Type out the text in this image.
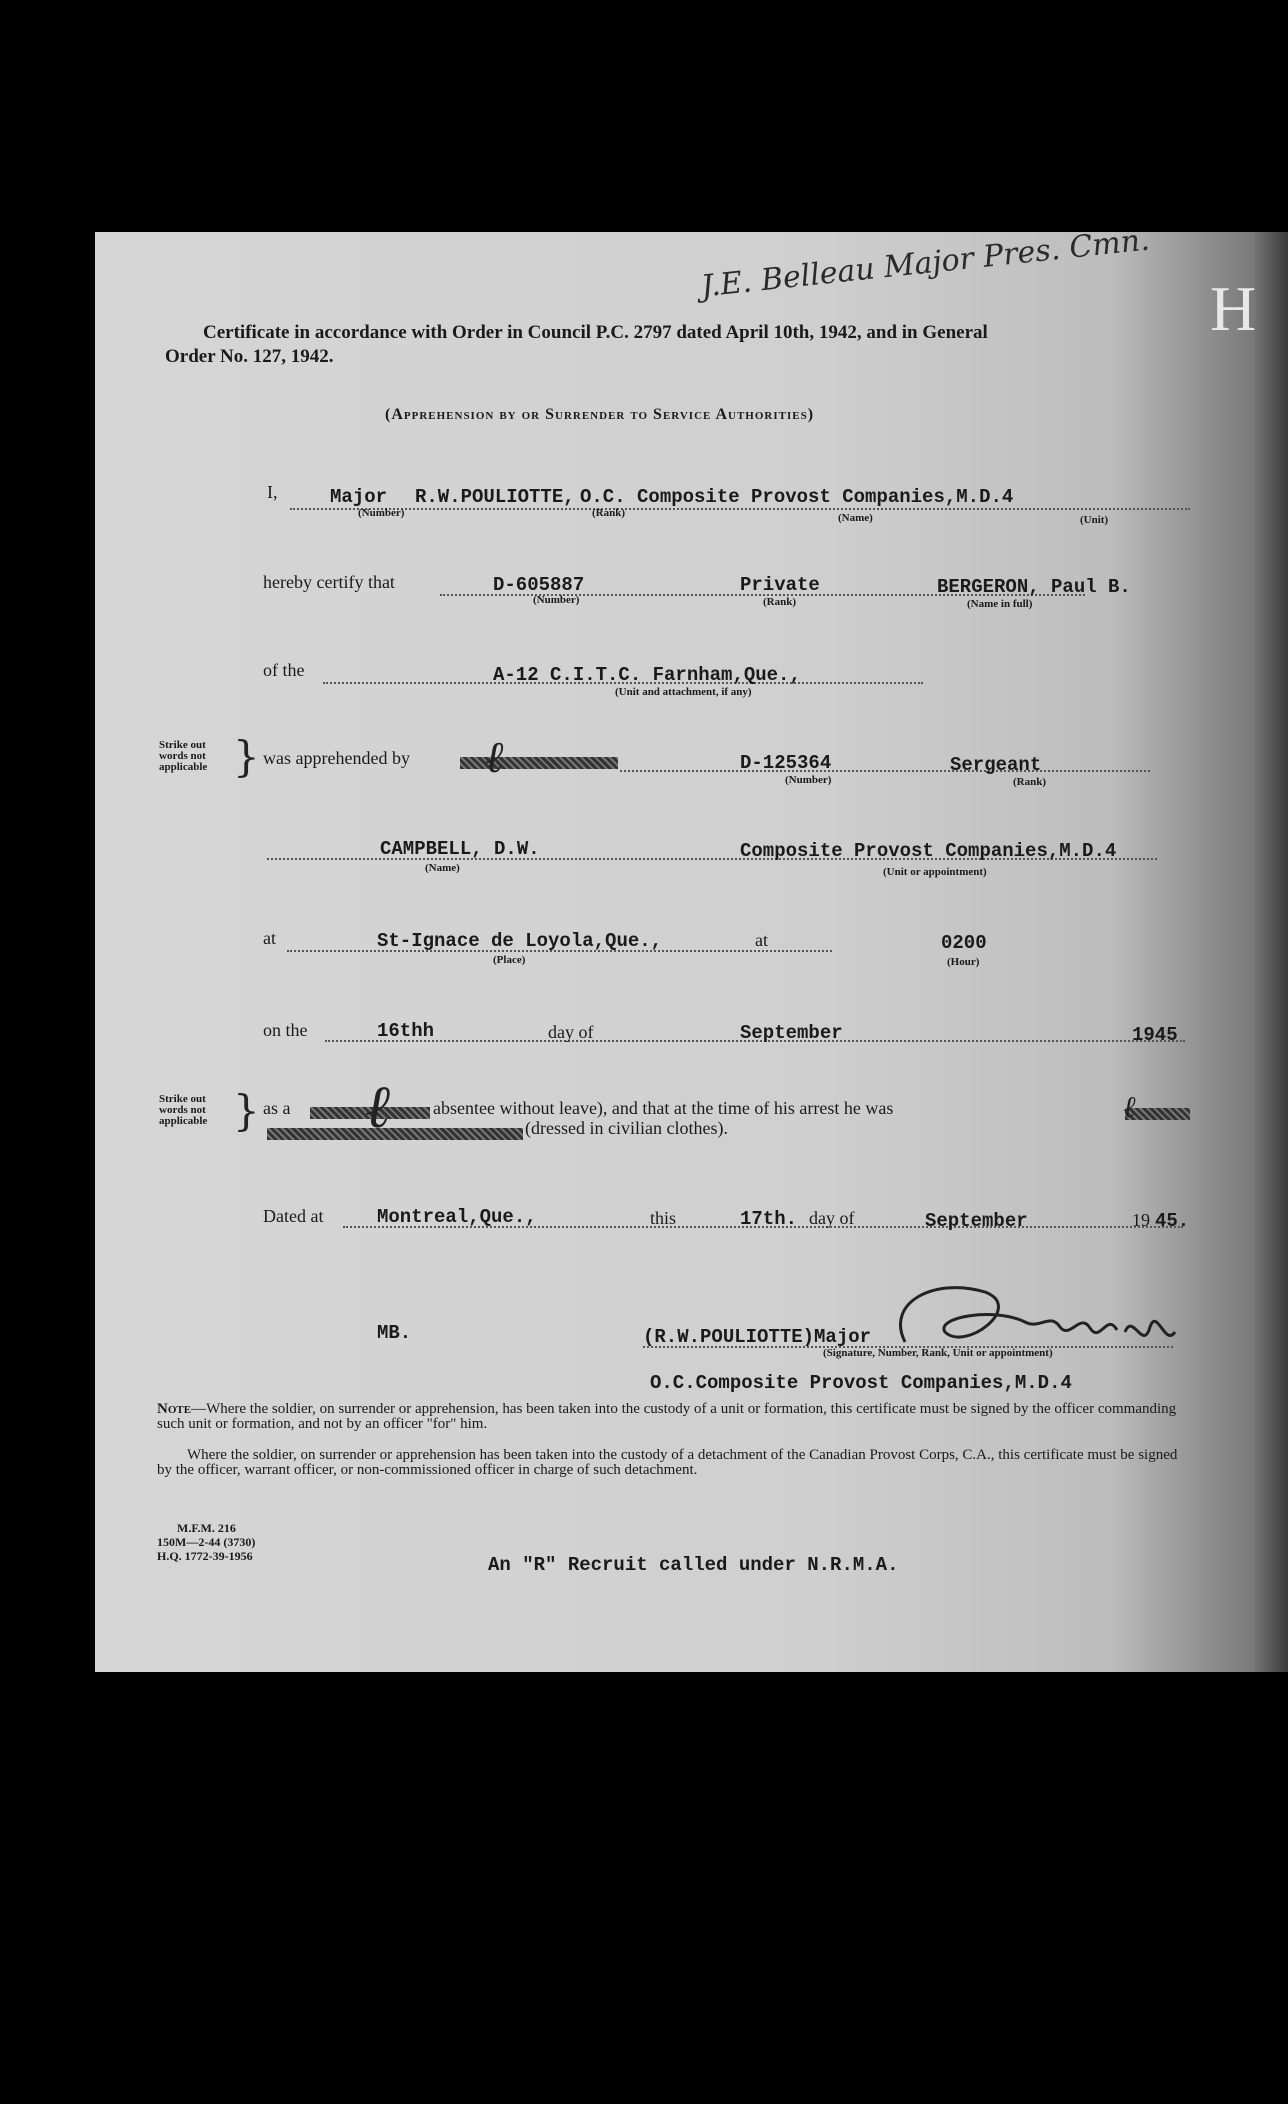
J.E. Belleau Major Pres. Cmn.
H
Certificate in accordance with Order in Council P.C. 2797 dated April 10th, 1942, and in General
Order No. 127, 1942.
(Apprehension by or Surrender to Service Authorities)
I,	Major R.W.POULIOTTE, O.C. Composite Provost Companies,M.D.4
(Number)	(Rank)	(Name)	(Unit)
hereby certify that	D-605887	Private	BERGERON, Paul B.
(Number)	(Rank)	(Name in full)
of the	A-12 C.I.T.C. Farnham,Que.,
(Unit and attachment, if any)
Strike out words not applicable } was apprehended by ℓ	D-125364	Sergeant
(Number)	(Rank)
CAMPBELL, D.W.	Composite Provost Companies,M.D.4
(Name)	(Unit or appointment)
at	St-Ignace de Loyola,Que.,	at	0200
(Place)	(Hour)
on the	16thh	day of	September	1945
Strike out words not applicable } as a	absentee without leave), and that at the time of his arrest he was
(dressed in civilian clothes).
ℓ	ℓ
Dated at	Montreal,Que.,	this	17th. day of	September	19 45.
MB.	(R.W.POULIOTTE)Major
(Signature, Number, Rank, Unit or appointment)
O.C.Composite Provost Companies,M.D.4
Note—Where the soldier, on surrender or apprehension, has been taken into the custody of a unit or formation, this certificate must be signed by the officer commanding such unit or formation, and not by an officer "for" him.
Where the soldier, on surrender or apprehension has been taken into the custody of a detachment of the Canadian Provost Corps, C.A., this certificate must be signed by the officer, warrant officer, or non-commissioned officer in charge of such detachment.
M.F.M. 216
150M—2-44 (3730)
H.Q. 1772-39-1956	An "R" Recruit called under N.R.M.A.
